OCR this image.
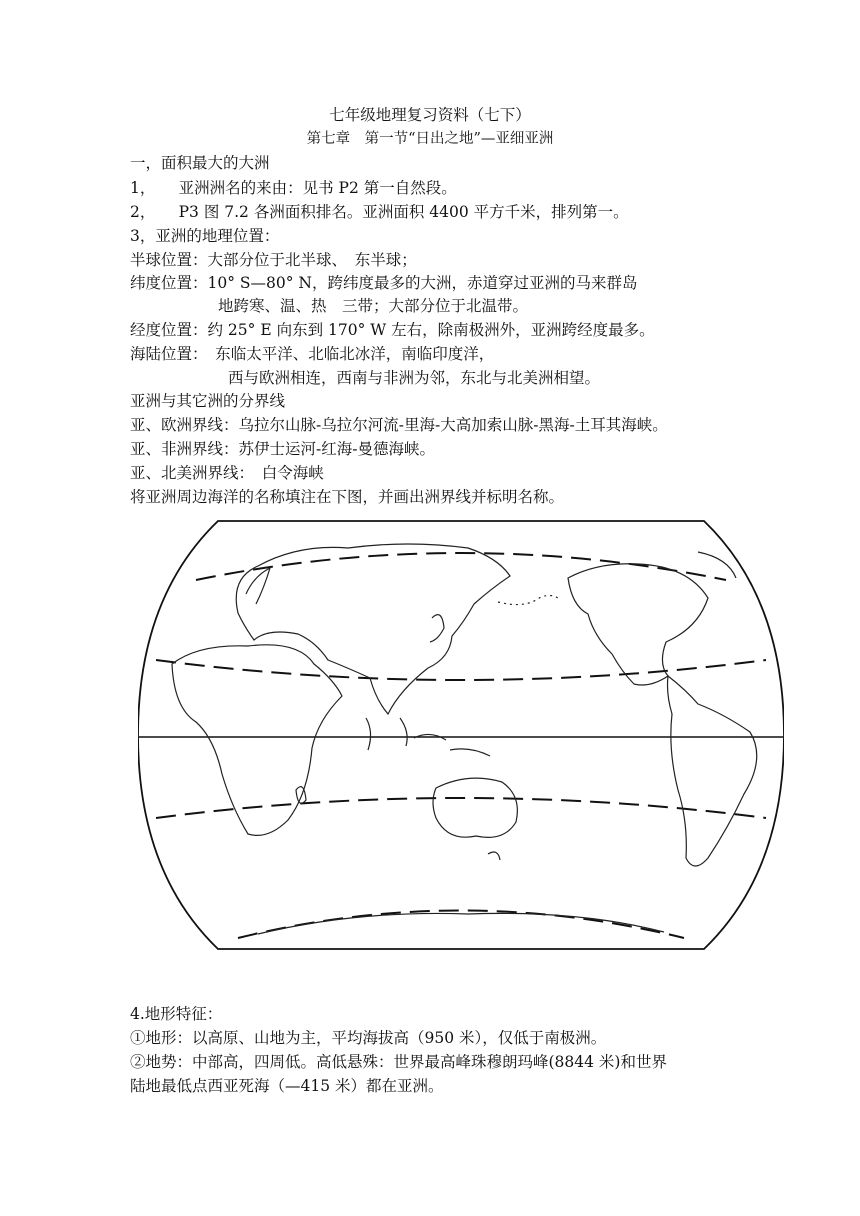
七年级地理复习资料（七下）
第七章　第一节“日出之地”—亚细亚洲
一，面积最大的大洲
1，　　亚洲洲名的来由：见书 P2 第一自然段。
2，　　P3 图 7.2 各洲面积排名。亚洲面积 4400 平方千米，排列第一。
3，亚洲的地理位置：
半球位置：大部分位于北半球、　东半球；
纬度位置：10° S—80° N，跨纬度最多的大洲，赤道穿过亚洲的马来群岛
地跨寒、温、热　三带；大部分位于北温带。
经度位置：约 25° E 向东到 170° W 左右，除南极洲外，亚洲跨经度最多。
海陆位置：　东临太平洋、北临北冰洋，南临印度洋，
西与欧洲相连，西南与非洲为邻，东北与北美洲相望。
亚洲与其它洲的分界线
亚、欧洲界线：乌拉尔山脉-乌拉尔河流-里海-大高加索山脉-黑海-土耳其海峡。
亚、非洲界线：苏伊士运河-红海-曼德海峡。
亚、北美洲界线：　白令海峡
将亚洲周边海洋的名称填注在下图，并画出洲界线并标明名称。
4.地形特征：
①地形：以高原、山地为主，平均海拔高（950 米），仅低于南极洲。
②地势：中部高，四周低。高低悬殊：世界最高峰珠穆朗玛峰(8844 米)和世界
陆地最低点西亚死海（—415 米）都在亚洲。
